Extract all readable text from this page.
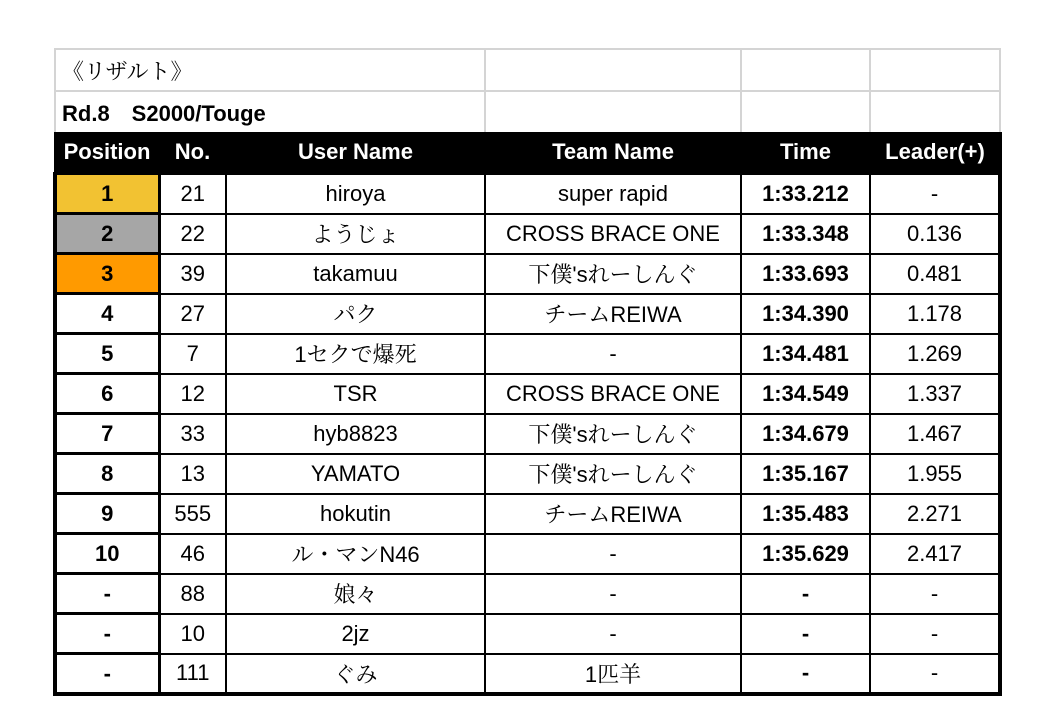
《リザルト》					
Rd.8　S2000/Touge					
Position	No.	User Name	Team Name	Time	Leader(+)
1	21	hiroya	super rapid	1:33.212	-
2	22	ようじょ	CROSS BRACE ONE	1:33.348	0.136
3	39	takamuu	下僕'sれーしんぐ	1:33.693	0.481
4	27	パク	チームREIWA	1:34.390	1.178
5	7	1セクで爆死	-	1:34.481	1.269
6	12	TSR	CROSS BRACE ONE	1:34.549	1.337
7	33	hyb8823	下僕'sれーしんぐ	1:34.679	1.467
8	13	YAMATO	下僕'sれーしんぐ	1:35.167	1.955
9	555	hokutin	チームREIWA	1:35.483	2.271
10	46	ル・マンN46	-	1:35.629	2.417
-	88	娘々	-	-	-
-	10	2jz	-	-	-
-	111	ぐみ	1匹羊	-	-
